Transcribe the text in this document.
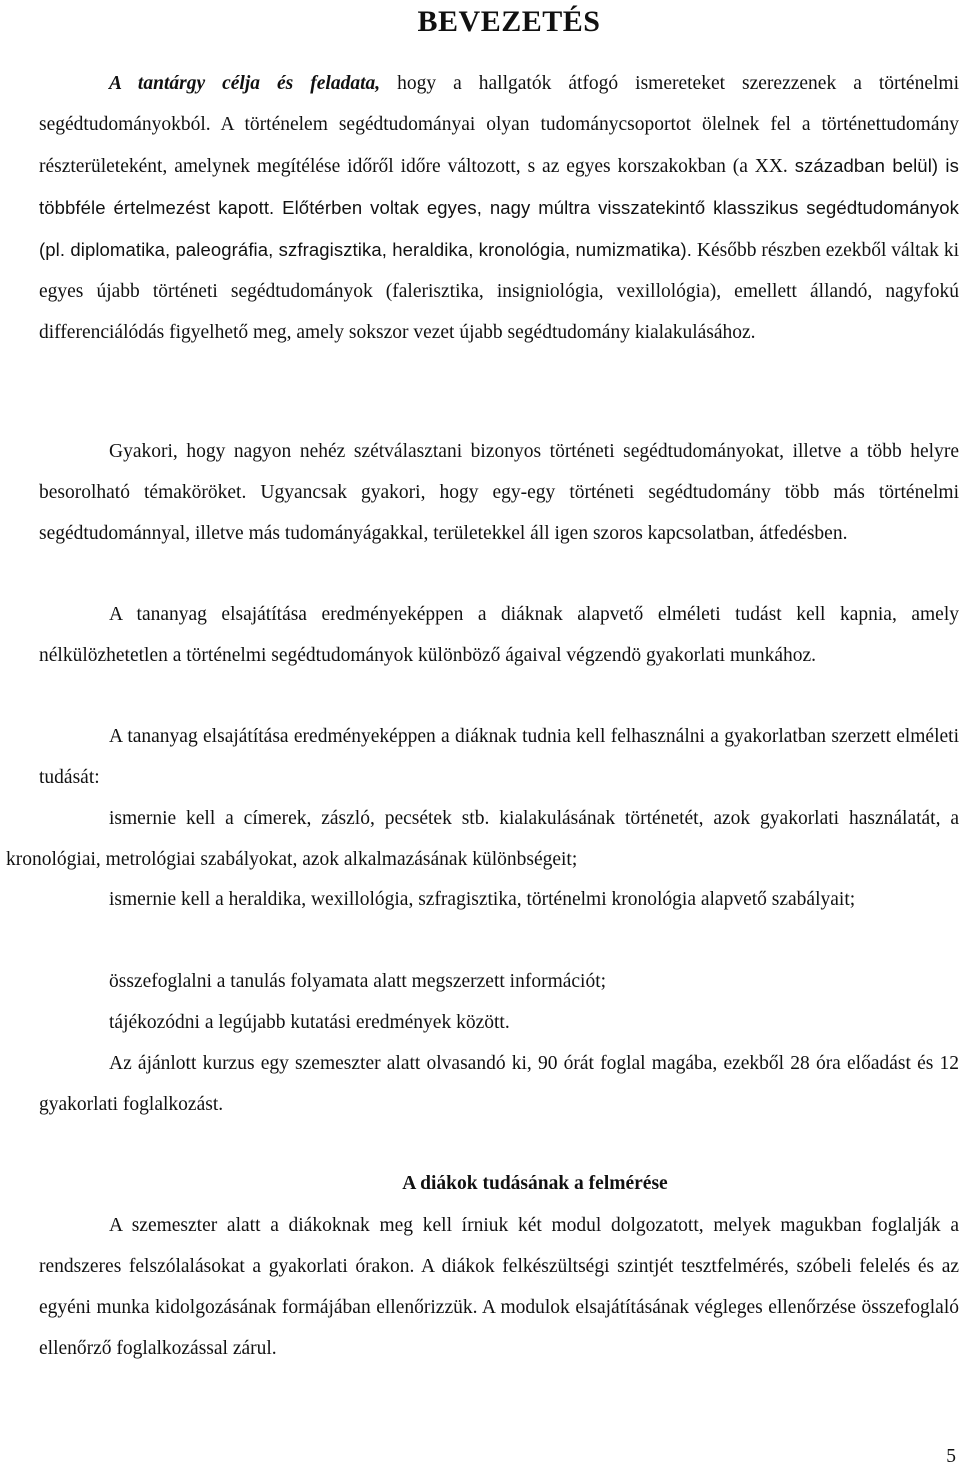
BEVEZETÉS
A tantárgy célja és feladata, hogy a hallgatók átfogó ismereteket szerezzenek a történelmi segédtudományokból. A történelem segédtudományai olyan tudománycsoportot ölelnek fel a történettudomány részterületeként, amelynek megítélése időről időre változott, s az egyes korszakokban (a XX. században belül) is többféle értelmezést kapott. Előtérben voltak egyes, nagy múltra visszatekintő klasszikus segédtudományok (pl. diplomatika, paleográfia, szfragisztika, heraldika, kronológia, numizmatika). Később részben ezekből váltak ki egyes újabb történeti segédtudományok (falerisztika, insigniológia, vexillológia), emellett állandó, nagyfokú differenciálódás figyelhető meg, amely sokszor vezet újabb segédtudomány kialakulásához.
Gyakori, hogy nagyon nehéz szétválasztani bizonyos történeti segédtudományokat, illetve a több helyre besorolható témaköröket. Ugyancsak gyakori, hogy egy-egy történeti segédtudomány több más történelmi segédtudománnyal, illetve más tudományágakkal, területekkel áll igen szoros kapcsolatban, átfedésben.
A tananyag elsajátítása eredményeképpen a diáknak alapvető elméleti tudást kell kapnia, amely nélkülözhetetlen a történelmi segédtudományok különböző ágaival végzendö gyakorlati munkához.
A tananyag elsajátítása eredményeképpen a diáknak tudnia kell felhasználni a gyakorlatban szerzett elméleti tudását:
ismernie kell a címerek, zászló, pecsétek stb. kialakulásának történetét, azok gyakorlati használatát, a kronológiai, metrológiai szabályokat, azok alkalmazásának különbségeit;
ismernie kell a heraldika, wexillológia, szfragisztika, történelmi kronológia alapvető szabályait;
összefoglalni a tanulás folyamata alatt megszerzett információt;
tájékozódni a legújabb kutatási eredmények között.
Az ájánlott kurzus egy szemeszter alatt olvasandó ki, 90 órát foglal magába, ezekből 28 óra előadást és 12 gyakorlati foglalkozást.
A diákok tudásának a felmérése
A szemeszter alatt a diákoknak meg kell írniuk két modul dolgozatott, melyek magukban foglalják a rendszeres felszólalásokat a gyakorlati órakon. A diákok felkészültségi szintjét tesztfelmérés, szóbeli felelés és az egyéni munka kidolgozásának formájában ellenőrizzük. A modulok elsajátításának végleges ellenőrzése összefoglaló ellenőrző foglalkozással zárul.
5
